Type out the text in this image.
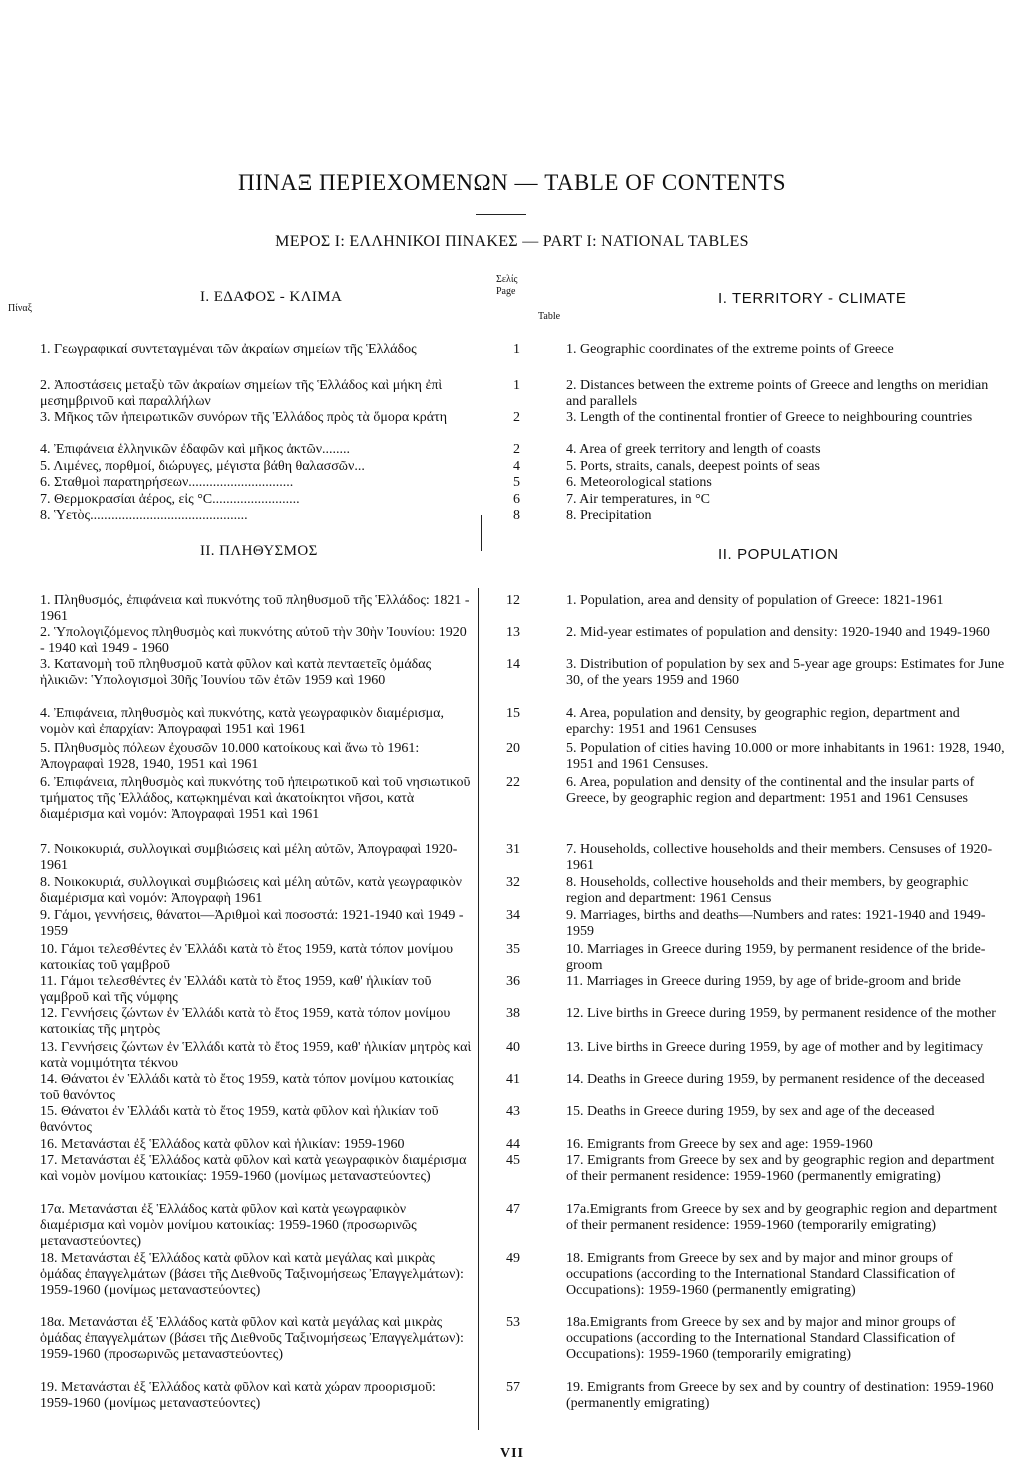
ΠΙΝΑΞ ΠΕΡΙΕΧΟΜΕΝΩΝ — TABLE OF CONTENTS
ΜΕΡΟΣ Ι: ΕΛΛΗΝΙΚΟΙ ΠΙΝΑΚΕΣ — PART I: NATIONAL TABLES
Πίναξ
I. ΕΔΑΦΟΣ - ΚΛΙΜΑ
Σελίς
Page
Table
I. TERRITORY - CLIMATE
1. Γεωγραφικαί συντεταγμέναι τῶν ἀκραίων σημείων τῆς Ἑλλάδος	1	1. Geographic coordinates of the extreme points of Greece
2. Ἀποστάσεις μεταξὺ τῶν ἀκραίων σημείων τῆς Ἑλλάδος καὶ μήκη ἐπὶ μεσημβρινοῦ καὶ παραλλήλων
1	2. Distances between the extreme points of Greece and lengths on meridian and parallels
3. Μῆκος τῶν ἠπειρωτικῶν συνόρων τῆς Ἑλλάδος πρὸς τὰ ὅμορα κράτη	2	3. Length of the continental frontier of Greece to neighbouring countries
4. Ἐπιφάνεια ἑλληνικῶν ἐδαφῶν καὶ μῆκος ἀκτῶν........	2	4. Area of greek territory and length of coasts
5. Λιμένες, πορθμοί, διώρυγες, μέγιστα βάθη θαλασσῶν...	4	5. Ports, straits, canals, deepest points of seas
6. Σταθμοὶ παρατηρήσεων..............................	5	6. Meteorological stations
7. Θερμοκρασίαι ἀέρος, εἰς °C.........................	6	7. Air temperatures, in °C
8. Ὑετὸς.............................................	8	8. Precipitation
II. ΠΛΗΘΥΣΜΟΣ	II. POPULATION
1. Πληθυσμός, ἐπιφάνεια καὶ πυκνότης τοῦ πληθυσμοῦ τῆς Ἑλλάδος: 1821 - 1961
12	1. Population, area and density of population of Greece: 1821-1961
2. Ὑπολογιζόμενος πληθυσμὸς καὶ πυκνότης αὐτοῦ τὴν 30ὴν Ἰουνίου: 1920 - 1940 καὶ 1949 - 1960
13	2. Mid-year estimates of population and density: 1920-1940 and 1949-1960
3. Κατανομὴ τοῦ πληθυσμοῦ κατὰ φῦλον καὶ κατὰ πενταετεῖς ὁμάδας ἡλικιῶν: Ὑπολογισμοὶ 30ῆς Ἰουνίου τῶν ἐτῶν 1959 καὶ 1960
14	3. Distribution of population by sex and 5-year age groups: Estimates for June 30, of the years 1959 and 1960
4. Ἐπιφάνεια, πληθυσμὸς καὶ πυκνότης, κατὰ γεωγραφικὸν διαμέρισμα, νομὸν καὶ ἐπαρχίαν: Ἀπογραφαὶ 1951 καὶ 1961
15	4. Area, population and density, by geographic region, department and eparchy: 1951 and 1961 Censuses
5. Πληθυσμὸς πόλεων ἐχουσῶν 10.000 κατοίκους καὶ ἄνω τὸ 1961: Ἀπογραφαὶ 1928, 1940, 1951 καὶ 1961
20	5. Population of cities having 10.000 or more inhabitants in 1961: 1928, 1940, 1951 and 1961 Censuses.
6. Ἐπιφάνεια, πληθυσμὸς καὶ πυκνότης τοῦ ἠπειρωτικοῦ καὶ τοῦ νησιωτικοῦ τμήματος τῆς Ἑλλάδος, κατῳκημέναι καὶ ἀκατοίκητοι νῆσοι, κατὰ διαμέρισμα καὶ νομόν: Ἀπογραφαὶ 1951 καὶ 1961
22	6. Area, population and density of the continental and the insular parts of Greece, by geographic region and department: 1951 and 1961 Censuses
7. Νοικοκυριά, συλλογικαὶ συμβιώσεις καὶ μέλη αὐτῶν, Ἀπογραφαὶ 1920-1961
31	7. Households, collective households and their members. Censuses of 1920-1961
8. Νοικοκυριά, συλλογικαὶ συμβιώσεις καὶ μέλη αὐτῶν, κατὰ γεωγραφικὸν διαμέρισμα καὶ νομόν: Ἀπογραφὴ 1961
32	8. Households, collective households and their members, by geographic region and department: 1961 Census
9. Γάμοι, γεννήσεις, θάνατοι—Ἀριθμοὶ καὶ ποσοστά: 1921-1940 καὶ 1949 - 1959
34	9. Marriages, births and deaths—Numbers and rates: 1921-1940 and 1949-1959
10. Γάμοι τελεσθέντες ἐν Ἑλλάδι κατὰ τὸ ἔτος 1959, κατὰ τόπον μονίμου κατοικίας τοῦ γαμβροῦ
35	10. Marriages in Greece during 1959, by permanent residence of the bride-groom
11. Γάμοι τελεσθέντες ἐν Ἑλλάδι κατὰ τὸ ἔτος 1959, καθ' ἡλικίαν τοῦ γαμβροῦ καὶ τῆς νύμφης
36	11. Marriages in Greece during 1959, by age of bride-groom and bride
12. Γεννήσεις ζώντων ἐν Ἑλλάδι κατὰ τὸ ἔτος 1959, κατὰ τόπον μονίμου κατοικίας τῆς μητρὸς
38	12. Live births in Greece during 1959, by permanent residence of the mother
13. Γεννήσεις ζώντων ἐν Ἑλλάδι κατὰ τὸ ἔτος 1959, καθ' ἡλικίαν μητρὸς καὶ κατὰ νομιμότητα τέκνου
40	13. Live births in Greece during 1959, by age of mother and by legitimacy
14. Θάνατοι ἐν Ἑλλάδι κατὰ τὸ ἔτος 1959, κατὰ τόπον μονίμου κατοικίας τοῦ θανόντος
41	14. Deaths in Greece during 1959, by permanent residence of the deceased
15. Θάνατοι ἐν Ἑλλάδι κατὰ τὸ ἔτος 1959, κατὰ φῦλον καὶ ἡλικίαν τοῦ θανόντος
43	15. Deaths in Greece during 1959, by sex and age of the deceased
16. Μετανάσται ἐξ Ἑλλάδος κατὰ φῦλον καὶ ἡλικίαν: 1959-1960	44	16. Emigrants from Greece by sex and age: 1959-1960
17. Μετανάσται ἐξ Ἑλλάδος κατὰ φῦλον καὶ κατὰ γεωγραφικὸν διαμέρισμα καὶ νομὸν μονίμου κατοικίας: 1959-1960 (μονίμως μεταναστεύοντες)
45	17. Emigrants from Greece by sex and by geographic region and department of their permanent residence: 1959-1960 (permanently emigrating)
17α. Μετανάσται ἐξ Ἑλλάδος κατὰ φῦλον καὶ κατὰ γεωγραφικὸν διαμέρισμα καὶ νομὸν μονίμου κατοικίας: 1959-1960 (προσωρινῶς μεταναστεύοντες)
47	17a.Emigrants from Greece by sex and by geographic region and department of their permanent residence: 1959-1960 (temporarily emigrating)
18. Μετανάσται ἐξ Ἑλλάδος κατὰ φῦλον καὶ κατὰ μεγάλας καὶ μικρὰς ὁμάδας ἐπαγγελμάτων (βάσει τῆς Διεθνοῦς Ταξινομήσεως Ἐπαγγελμάτων): 1959-1960 (μονίμως μεταναστεύοντες)
49	18. Emigrants from Greece by sex and by major and minor groups of occupations (according to the International Standard Classification of Occupations): 1959-1960 (permanently emigrating)
18α. Μετανάσται ἐξ Ἑλλάδος κατὰ φῦλον καὶ κατὰ μεγάλας καὶ μικρὰς ὁμάδας ἐπαγγελμάτων (βάσει τῆς Διεθνοῦς Ταξινομήσεως Ἐπαγγελμάτων): 1959-1960 (προσωρινῶς μεταναστεύοντες)
53	18a.Emigrants from Greece by sex and by major and minor groups of occupations (according to the International Standard Classification of Occupations): 1959-1960 (temporarily emigrating)
19. Μετανάσται ἐξ Ἑλλάδος κατὰ φῦλον καὶ κατὰ χώραν προορισμοῦ: 1959-1960 (μονίμως μεταναστεύοντες)
57	19. Emigrants from Greece by sex and by country of destination: 1959-1960 (permanently emigrating)
VII
